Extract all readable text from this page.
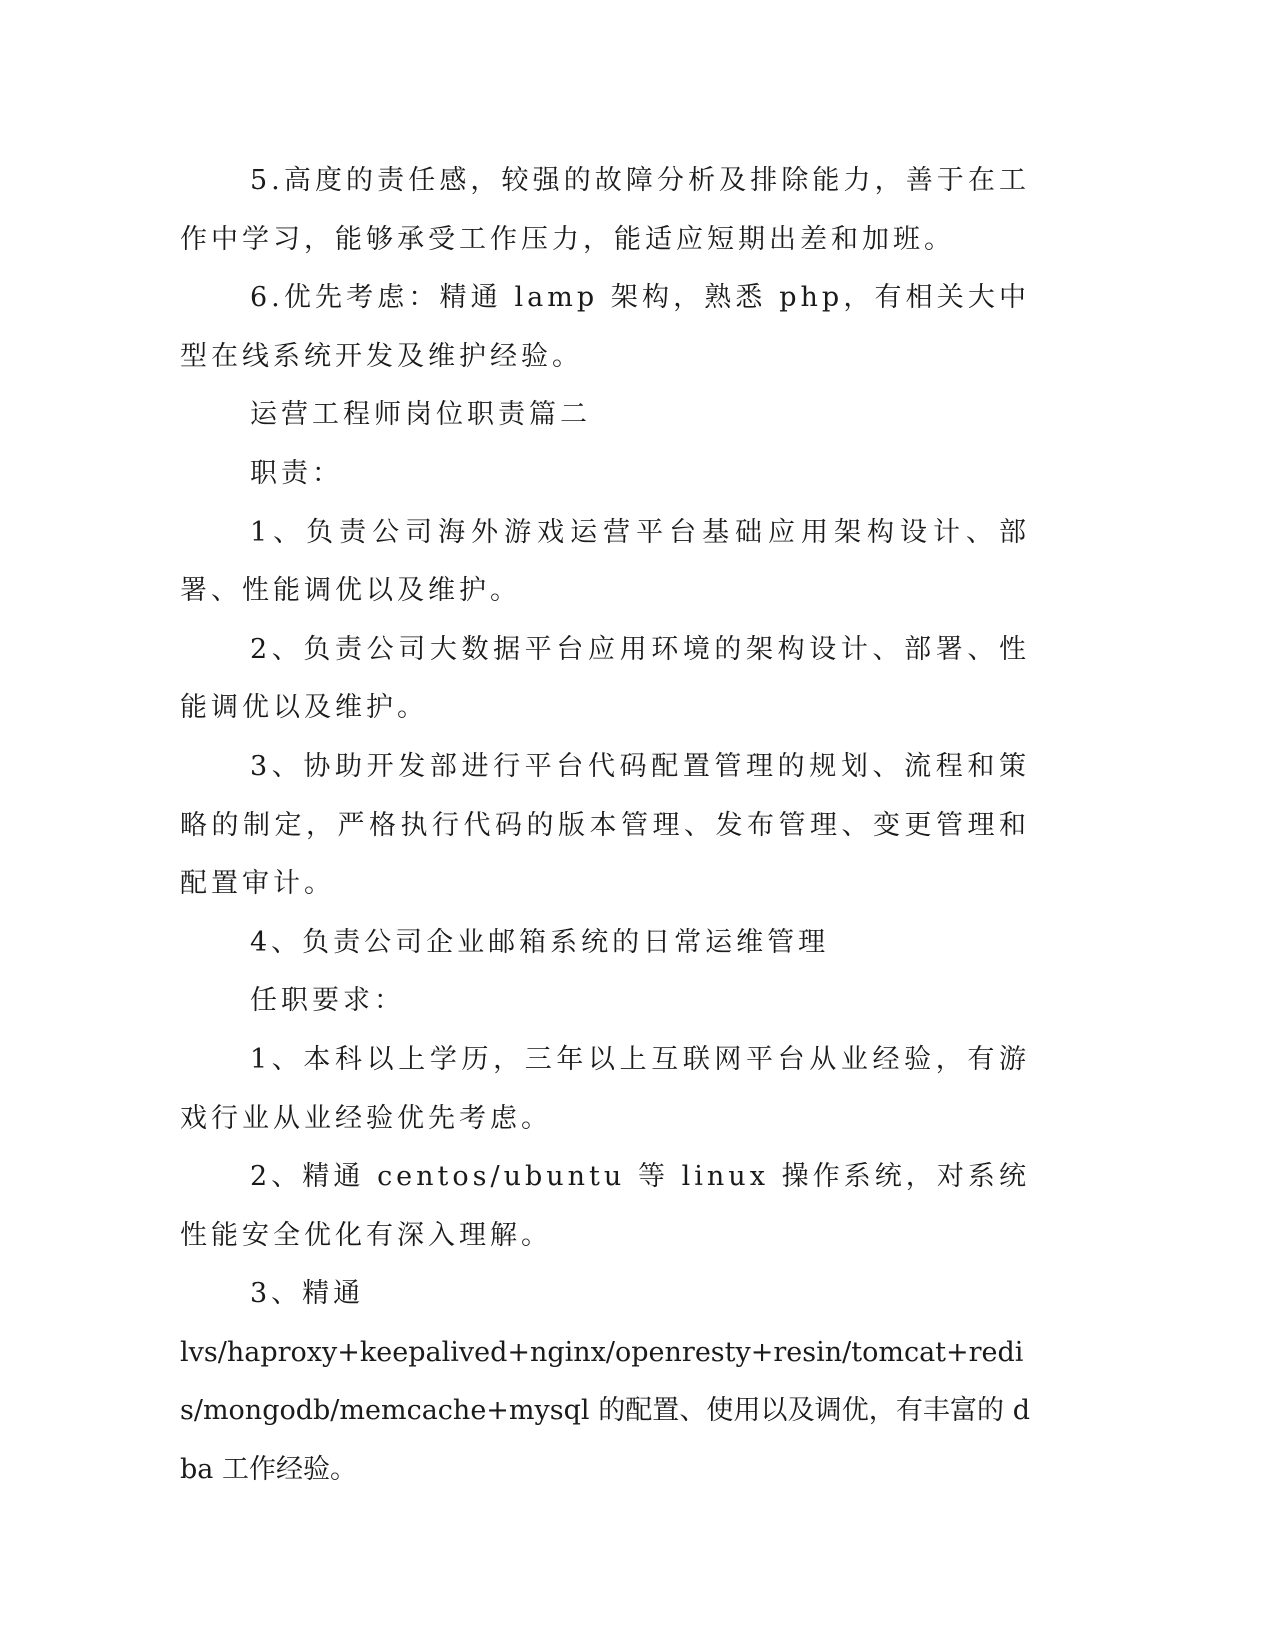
5.高度的责任感，较强的故障分析及排除能力，善于在工作中学习，能够承受工作压力，能适应短期出差和加班。

6.优先考虑：精通 lamp 架构，熟悉 php，有相关大中型在线系统开发及维护经验。

运营工程师岗位职责篇二

职责：

1、负责公司海外游戏运营平台基础应用架构设计、部署、性能调优以及维护。

2、负责公司大数据平台应用环境的架构设计、部署、性能调优以及维护。

3、协助开发部进行平台代码配置管理的规划、流程和策略的制定，严格执行代码的版本管理、发布管理、变更管理和配置审计。

4、负责公司企业邮箱系统的日常运维管理

任职要求：

1、本科以上学历，三年以上互联网平台从业经验，有游戏行业从业经验优先考虑。

2、精通 centos/ubuntu 等 linux 操作系统，对系统性能安全优化有深入理解。

3、精通

lvs/haproxy+keepalived+nginx/openresty+resin/tomcat+redis/mongodb/memcache+mysql 的配置、使用以及调优，有丰富的 dba 工作经验。
